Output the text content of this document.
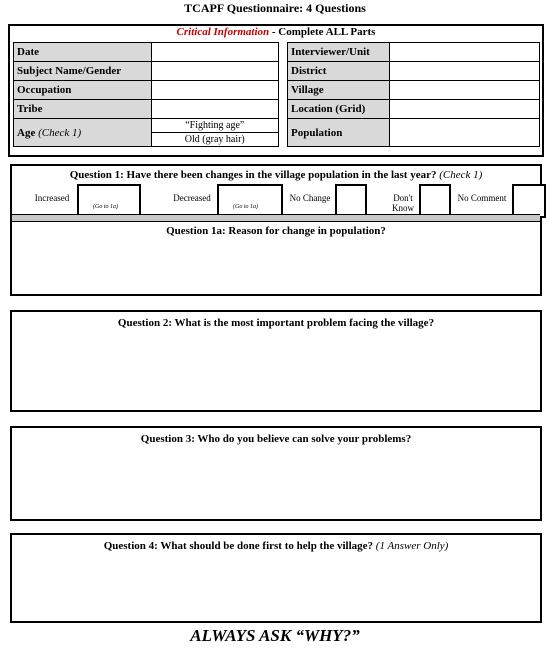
TCAPF Questionnaire: 4 Questions
Critical Information - Complete ALL Parts
Date	
Subject Name/Gender	
Occupation	
Tribe	
Age (Check 1)	“Fighting age”
	Old (gray hair)
Interviewer/Unit	
District	
Village	
Location (Grid)	
Population	
Question 1: Have there been changes in the village population in the last year? (Check 1)
Increased
(Go to 1a)
Decreased
(Go to 1a)
No Change	Don't Know
No Comment
Question 1a: Reason for change in population?
Question 2: What is the most important problem facing the village?
Question 3: Who do you believe can solve your problems?
Question 4: What should be done first to help the village? (1 Answer Only)
ALWAYS ASK “WHY?”
